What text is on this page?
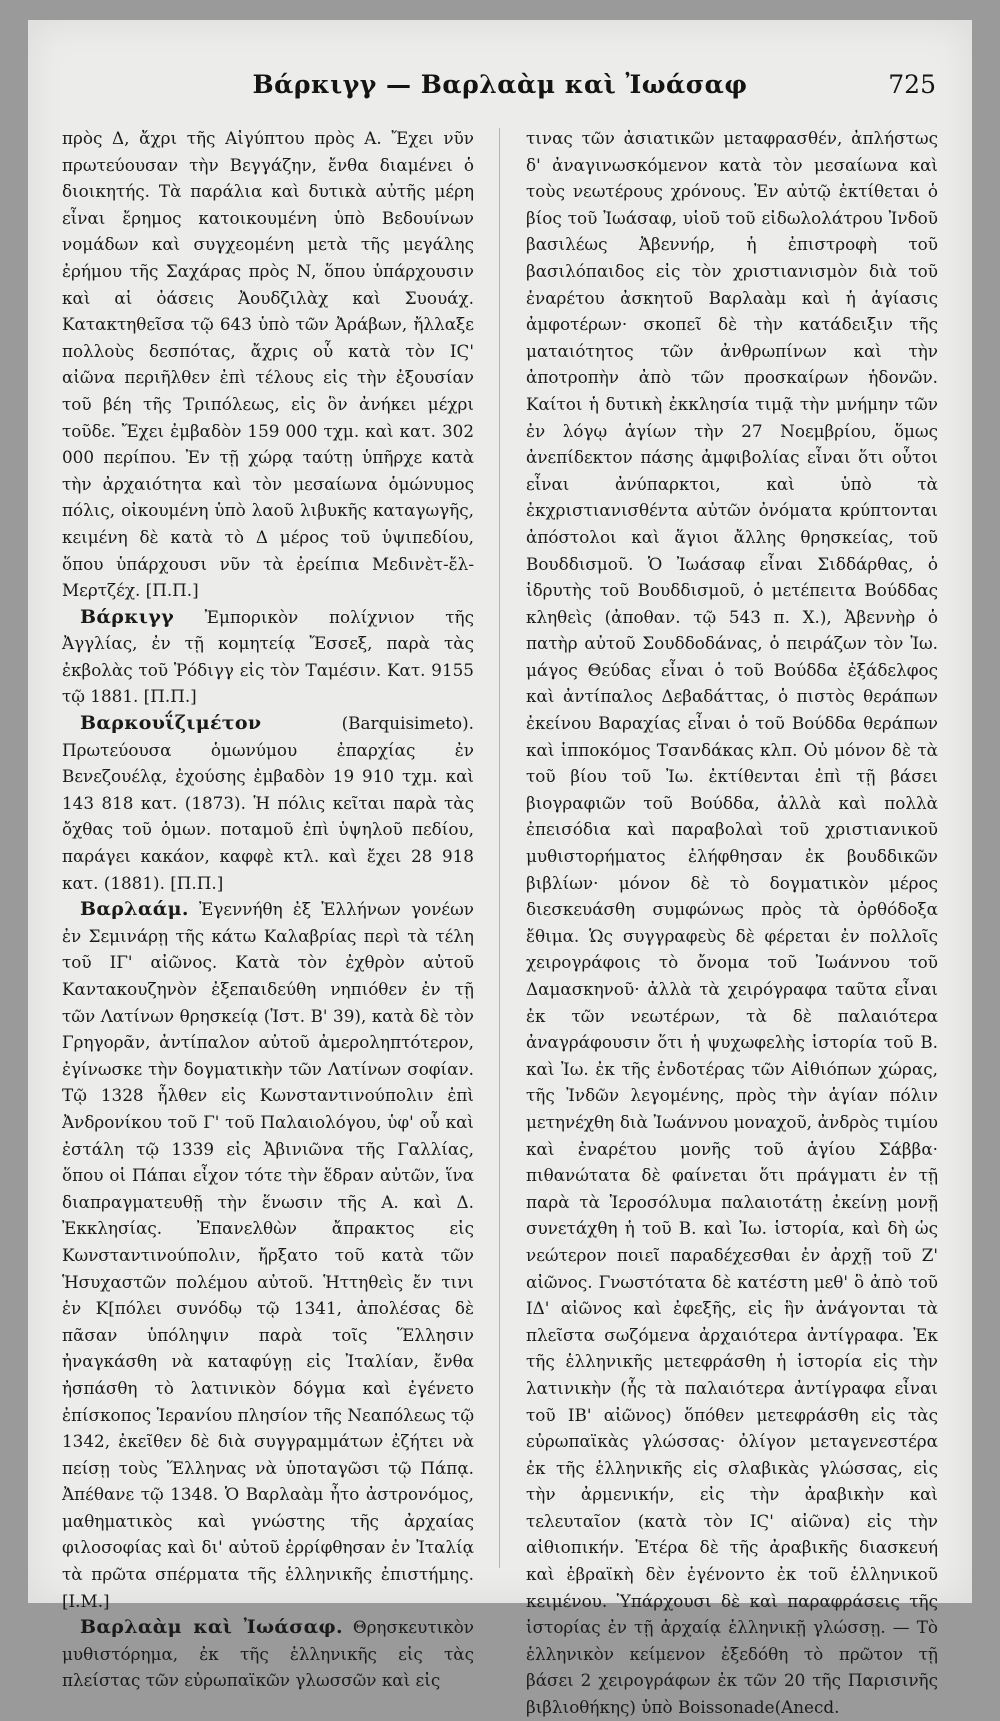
Βάρκιγγ — Βαρλαὰμ καὶ Ἰωάσαφ	725

πρὸς Δ, ἄχρι τῆς Αἰγύπτου πρὸς Α. Ἔχει νῦν πρωτεύουσαν τὴν Βεγγάζην, ἔνθα διαμένει ὁ διοικητής. Τὰ παράλια καὶ δυτικὰ αὐτῆς μέρη εἶναι ἔρημος κατοικουμένη ὑπὸ Βεδουίνων νομάδων καὶ συγχεομένη μετὰ τῆς μεγάλης ἐρήμου τῆς Σαχάρας πρὸς Ν, ὅπου ὑπάρχουσιν καὶ αἱ ὀάσεις Ἀουδζιλὰχ καὶ Συουάχ. Κατακτηθεῖσα τῷ 643 ὑπὸ τῶν Ἀράβων, ἤλλαξε πολλοὺς δεσπότας, ἄχρις οὗ κατὰ τὸν ΙϚ' αἰῶνα περιῆλθεν ἐπὶ τέλους εἰς τὴν ἐξουσίαν τοῦ βέη τῆς Τριπόλεως, εἰς ὃν ἀνήκει μέχρι τοῦδε. Ἔχει ἐμβαδὸν 159 000 τχμ. καὶ κατ. 302 000 περίπου. Ἐν τῇ χώρᾳ ταύτῃ ὑπῆρχε κατὰ τὴν ἀρχαιότητα καὶ τὸν μεσαίωνα ὁμώνυμος πόλις, οἰκουμένη ὑπὸ λαοῦ λιβυκῆς καταγωγῆς, κειμένη δὲ κατὰ τὸ Δ μέρος τοῦ ὑψιπεδίου, ὅπου ὑπάρχουσι νῦν τὰ ἐρείπια Μεδινὲτ-ἔλ-Μερτζέχ. [Π.Π.]

Βάρκιγγ Ἐμπορικὸν πολίχνιον τῆς Ἀγγλίας, ἐν τῇ κομητείᾳ Ἔσσεξ, παρὰ τὰς ἐκβολὰς τοῦ Ῥόδιγγ εἰς τὸν Ταμέσιν. Κατ. 9155 τῷ 1881. [Π.Π.]

Βαρκουΐζιμέτον	(Barquisimeto). Πρωτεύουσα ὁμωνύμου ἐπαρχίας ἐν Βενεζουέλᾳ, ἐχούσης ἐμβαδὸν 19 910 τχμ. καὶ 143 818 κατ. (1873). Ἡ πόλις κεῖται παρὰ τὰς ὄχθας τοῦ ὁμων. ποταμοῦ ἐπὶ ὑψηλοῦ πεδίου, παράγει κακάον, καφφὲ κτλ. καὶ ἔχει 28 918 κατ. (1881). [Π.Π.]

Βαρλαάμ. Ἐγεννήθη ἐξ Ἑλλήνων γονέων ἐν Σεμινάρῃ τῆς κάτω Καλαβρίας περὶ τὰ τέλη τοῦ ΙΓ' αἰῶνος. Κατὰ τὸν ἐχθρὸν αὐτοῦ Καντακουζηνὸν ἐξεπαιδεύθη νηπιόθεν ἐν τῇ τῶν Λατίνων θρησκείᾳ (Ἰστ. Β' 39), κατὰ δὲ τὸν Γρηγορᾶν, ἀντίπαλον αὐτοῦ ἀμεροληπτότερον, ἐγίνωσκε τὴν δογματικὴν τῶν Λατίνων σοφίαν. Τῷ 1328 ἦλθεν εἰς Κωνσταντινούπολιν ἐπὶ Ἀνδρονίκου τοῦ Γ' τοῦ Παλαιολόγου, ὑφ' οὗ καὶ ἐστάλη τῷ 1339 εἰς Ἀβινιῶνα τῆς Γαλλίας, ὅπου οἱ Πάπαι εἶχον τότε τὴν ἕδραν αὐτῶν, ἵνα διαπραγματευθῇ τὴν ἕνωσιν τῆς Α. καὶ Δ. Ἐκκλησίας. Ἐπανελθὼν ἄπρακτος εἰς Κωνσταντινούπολιν, ἤρξατο τοῦ κατὰ τῶν Ἡσυχαστῶν πολέμου αὐτοῦ. Ἡττηθεὶς ἔν τινι ἐν Κ[πόλει συνόδῳ τῷ 1341, ἀπολέσας δὲ πᾶσαν ὑπόληψιν παρὰ τοῖς Ἕλλησιν ἠναγκάσθη νὰ καταφύγῃ εἰς Ἰταλίαν, ἔνθα ἠσπάσθη τὸ λατινικὸν δόγμα καὶ ἐγένετο ἐπίσκοπος Ἱερανίου πλησίον τῆς Νεαπόλεως τῷ 1342, ἐκεῖθεν δὲ διὰ συγγραμμάτων ἐζήτει νὰ πείσῃ τοὺς Ἕλληνας νὰ ὑποταγῶσι τῷ Πάπᾳ. Ἀπέθανε τῷ 1348. Ὁ Βαρλαὰμ ἦτο ἀστρονόμος, μαθηματικὸς καὶ γνώστης τῆς ἀρχαίας φιλοσοφίας καὶ δι' αὐτοῦ ἐρρίφθησαν ἐν Ἰταλίᾳ τὰ πρῶτα σπέρματα τῆς ἑλληνικῆς ἐπιστήμης. [Ι.Μ.]

Βαρλαὰμ καὶ Ἰωάσαφ. Θρησκευτικὸν μυθιστόρημα, ἐκ τῆς ἑλληνικῆς εἰς τὰς πλείστας τῶν εὐρωπαϊκῶν γλωσσῶν καὶ εἰς

τινας τῶν ἀσιατικῶν μεταφρασθέν, ἀπλήστως δ' ἀναγινωσκόμενον κατὰ τὸν μεσαίωνα καὶ τοὺς νεωτέρους χρόνους. Ἐν αὐτῷ ἐκτίθεται ὁ βίος τοῦ Ἰωάσαφ, υἱοῦ τοῦ εἰδωλολάτρου Ἰνδοῦ βασιλέως Ἀβεννήρ, ἡ ἐπιστροφὴ τοῦ βασιλόπαιδος εἰς τὸν χριστιανισμὸν διὰ τοῦ ἐναρέτου ἀσκητοῦ Βαρλαὰμ καὶ ἡ ἁγίασις ἀμφοτέρων· σκοπεῖ δὲ τὴν κατάδειξιν τῆς ματαιότητος τῶν ἀνθρωπίνων καὶ τὴν ἀποτροπὴν ἀπὸ τῶν προσκαίρων ἡδονῶν. Καίτοι ἡ δυτικὴ ἐκκλησία τιμᾷ τὴν μνήμην τῶν ἐν λόγῳ ἁγίων τὴν 27 Νοεμβρίου, ὅμως ἀνεπίδεκτον πάσης ἀμφιβολίας εἶναι ὅτι οὗτοι εἶναι ἀνύπαρκτοι, καὶ ὑπὸ τὰ ἐκχριστιανισθέντα αὐτῶν ὀνόματα κρύπτονται ἀπόστολοι καὶ ἅγιοι ἄλλης θρησκείας, τοῦ Βουδδισμοῦ. Ὁ Ἰωάσαφ εἶναι Σιδδάρθας, ὁ ἱδρυτὴς τοῦ Βουδδισμοῦ, ὁ μετέπειτα Βούδδας κληθεὶς (ἀποθαν. τῷ 543 π. Χ.), Ἀβεννὴρ ὁ πατὴρ αὐτοῦ Σουδδοδάνας, ὁ πειράζων τὸν Ἰω. μάγος Θεύδας εἶναι ὁ τοῦ Βούδδα ἐξάδελφος καὶ ἀντίπαλος Δεβαδάττας, ὁ πιστὸς θεράπων ἐκείνου Βαραχίας εἶναι ὁ τοῦ Βούδδα θεράπων καὶ ἱπποκόμος Τσανδάκας κλπ. Οὐ μόνον δὲ τὰ τοῦ βίου τοῦ Ἰω. ἐκτίθενται ἐπὶ τῇ βάσει βιογραφιῶν τοῦ Βούδδα, ἀλλὰ καὶ πολλὰ ἐπεισόδια καὶ παραβολαὶ τοῦ χριστιανικοῦ μυθιστορήματος ἐλήφθησαν ἐκ βουδδικῶν βιβλίων· μόνον δὲ τὸ δογματικὸν μέρος διεσκευάσθη συμφώνως πρὸς τὰ ὀρθόδοξα ἔθιμα. Ὡς συγγραφεὺς δὲ φέρεται ἐν πολλοῖς χειρογράφοις τὸ ὄνομα τοῦ Ἰωάννου τοῦ Δαμασκηνοῦ· ἀλλὰ τὰ χειρόγραφα ταῦτα εἶναι ἐκ τῶν νεωτέρων, τὰ δὲ παλαιότερα ἀναγράφουσιν ὅτι ἡ ψυχωφελὴς ἱστορία τοῦ Β. καὶ Ἰω. ἐκ τῆς ἐνδοτέρας τῶν Αἰθιόπων χώρας, τῆς Ἰνδῶν λεγομένης, πρὸς τὴν ἁγίαν πόλιν μετηνέχθη διὰ Ἰωάννου μοναχοῦ, ἀνδρὸς τιμίου καὶ ἐναρέτου μονῆς τοῦ ἁγίου Σάββα· πιθανώτατα δὲ φαίνεται ὅτι πράγματι ἐν τῇ παρὰ τὰ Ἱεροσόλυμα παλαιοτάτῃ ἐκείνῃ μονῇ συνετάχθη ἡ τοῦ Β. καὶ Ἰω. ἱστορία, καὶ δὴ ὡς νεώτερον ποιεῖ παραδέχεσθαι ἐν ἀρχῇ τοῦ Ζ' αἰῶνος. Γνωστότατα δὲ κατέστη μεθ' ὃ ἀπὸ τοῦ ΙΔ' αἰῶνος καὶ ἐφεξῆς, εἰς ἣν ἀνάγονται τὰ πλεῖστα σωζόμενα ἀρχαιότερα ἀντίγραφα. Ἐκ τῆς ἑλληνικῆς μετεφράσθη ἡ ἱστορία εἰς τὴν λατινικὴν (ἧς τὰ παλαιότερα ἀντίγραφα εἶναι τοῦ ΙΒ' αἰῶνος) ὅπόθεν μετεφράσθη εἰς τὰς εὐρωπαϊκὰς γλώσσας· ὀλίγον μεταγενεστέρα ἐκ τῆς ἑλληνικῆς εἰς σλαβικὰς γλώσσας, εἰς τὴν ἀρμενικήν, εἰς τὴν ἀραβικὴν καὶ τελευταῖον (κατὰ τὸν ΙϚ' αἰῶνα) εἰς τὴν αἰθιοπικήν. Ἑτέρα δὲ τῆς ἀραβικῆς διασκευή καὶ ἑβραϊκὴ δὲν ἐγένοντο ἐκ τοῦ ἑλληνικοῦ κειμένου. Ὑπάρχουσι δὲ καὶ παραφράσεις τῆς ἱστορίας ἐν τῇ ἀρχαίᾳ ἑλληνικῇ γλώσσῃ. — Τὸ ἑλληνικὸν κείμενον ἐξεδόθη τὸ πρῶτον τῇ βάσει 2 χειρογράφων ἐκ τῶν 20 τῆς Παρισινῆς βιβλιοθήκης) ὑπὸ Boissonade(Anecd.
